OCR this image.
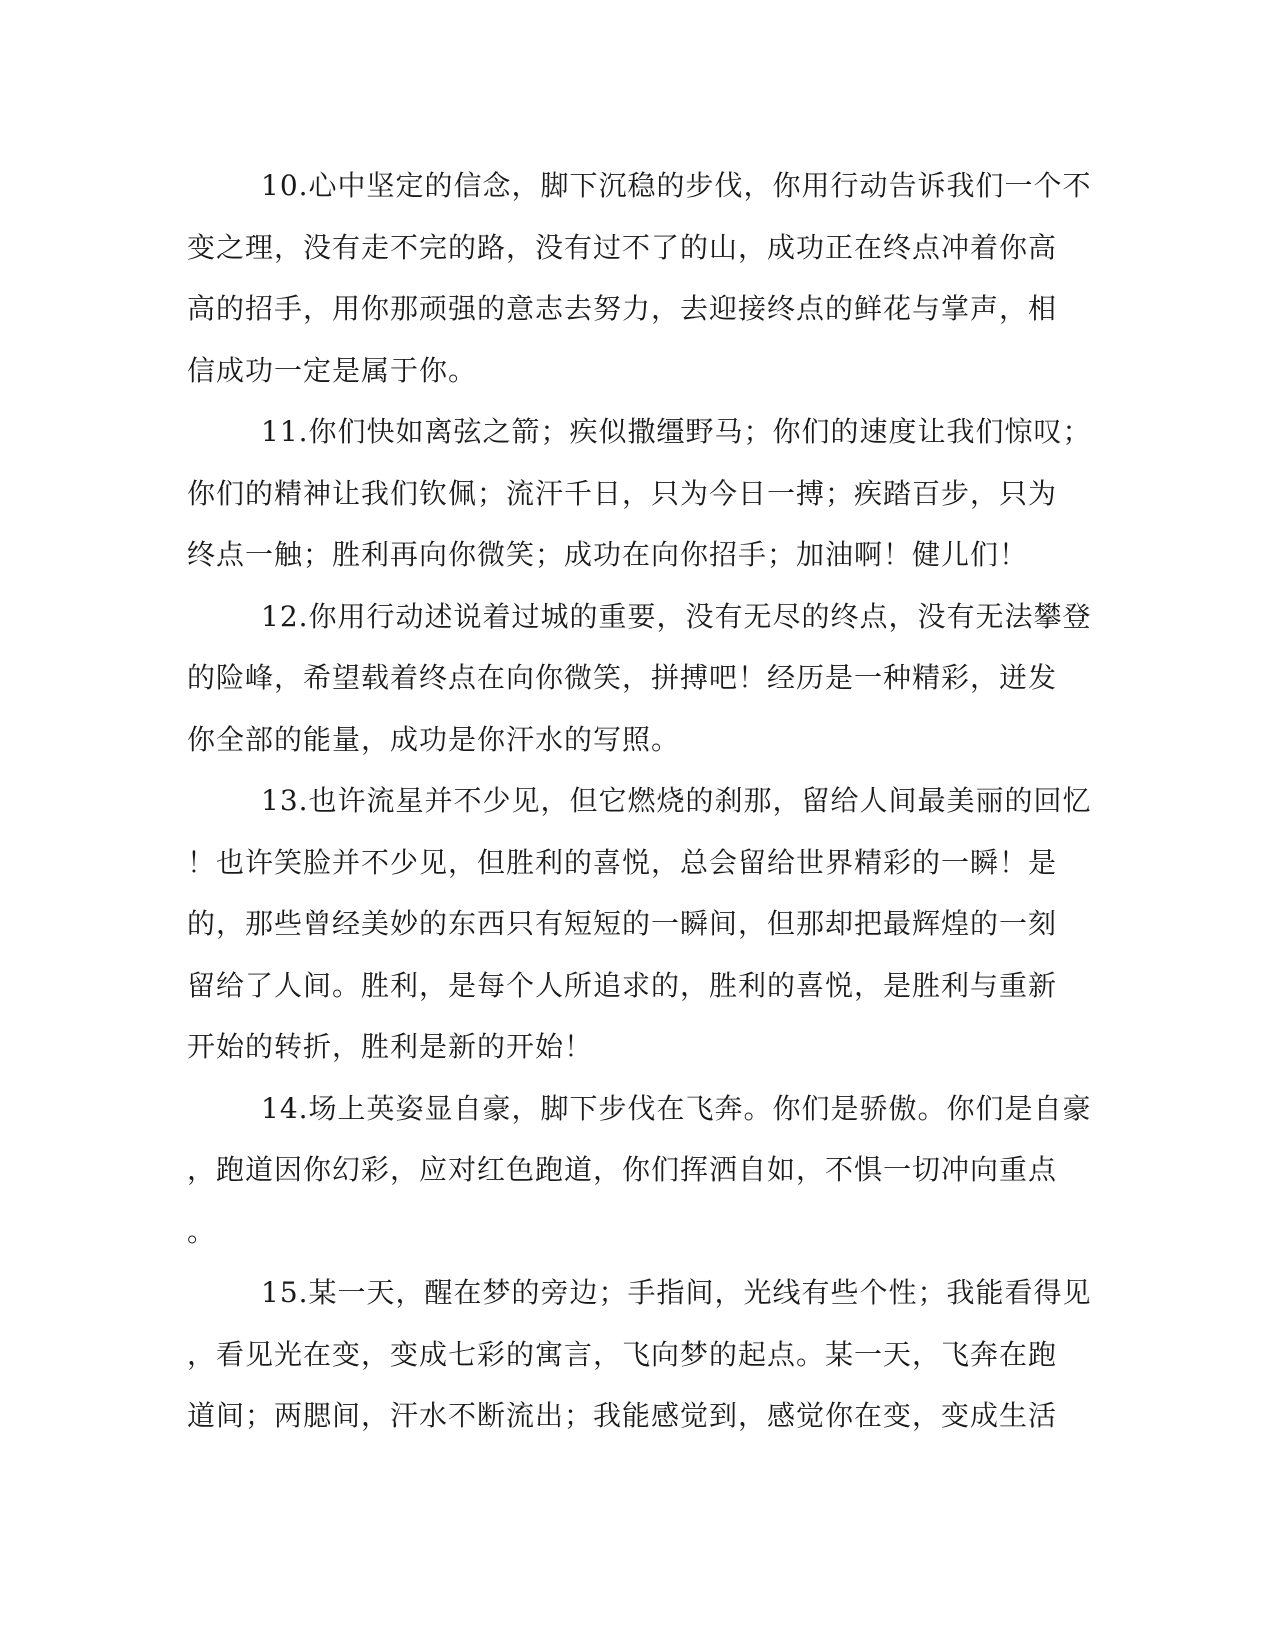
10.心中坚定的信念，脚下沉稳的步伐，你用行动告诉我们一个不
变之理，没有走不完的路，没有过不了的山，成功正在终点冲着你高
高的招手，用你那顽强的意志去努力，去迎接终点的鲜花与掌声，相
信成功一定是属于你。
11.你们快如离弦之箭；疾似撒缰野马；你们的速度让我们惊叹；
你们的精神让我们钦佩；流汗千日，只为今日一搏；疾踏百步，只为
终点一触；胜利再向你微笑；成功在向你招手；加油啊！健儿们！
12.你用行动述说着过城的重要，没有无尽的终点，没有无法攀登
的险峰，希望载着终点在向你微笑，拼搏吧！经历是一种精彩，迸发
你全部的能量，成功是你汗水的写照。
13.也许流星并不少见，但它燃烧的刹那，留给人间最美丽的回忆
！也许笑脸并不少见，但胜利的喜悦，总会留给世界精彩的一瞬！是
的，那些曾经美妙的东西只有短短的一瞬间，但那却把最辉煌的一刻
留给了人间。胜利，是每个人所追求的，胜利的喜悦，是胜利与重新
开始的转折，胜利是新的开始！
14.场上英姿显自豪，脚下步伐在飞奔。你们是骄傲。你们是自豪
，跑道因你幻彩，应对红色跑道，你们挥洒自如，不惧一切冲向重点
。
15.某一天，醒在梦的旁边；手指间，光线有些个性；我能看得见
，看见光在变，变成七彩的寓言，飞向梦的起点。某一天，飞奔在跑
道间；两腮间，汗水不断流出；我能感觉到，感觉你在变，变成生活
